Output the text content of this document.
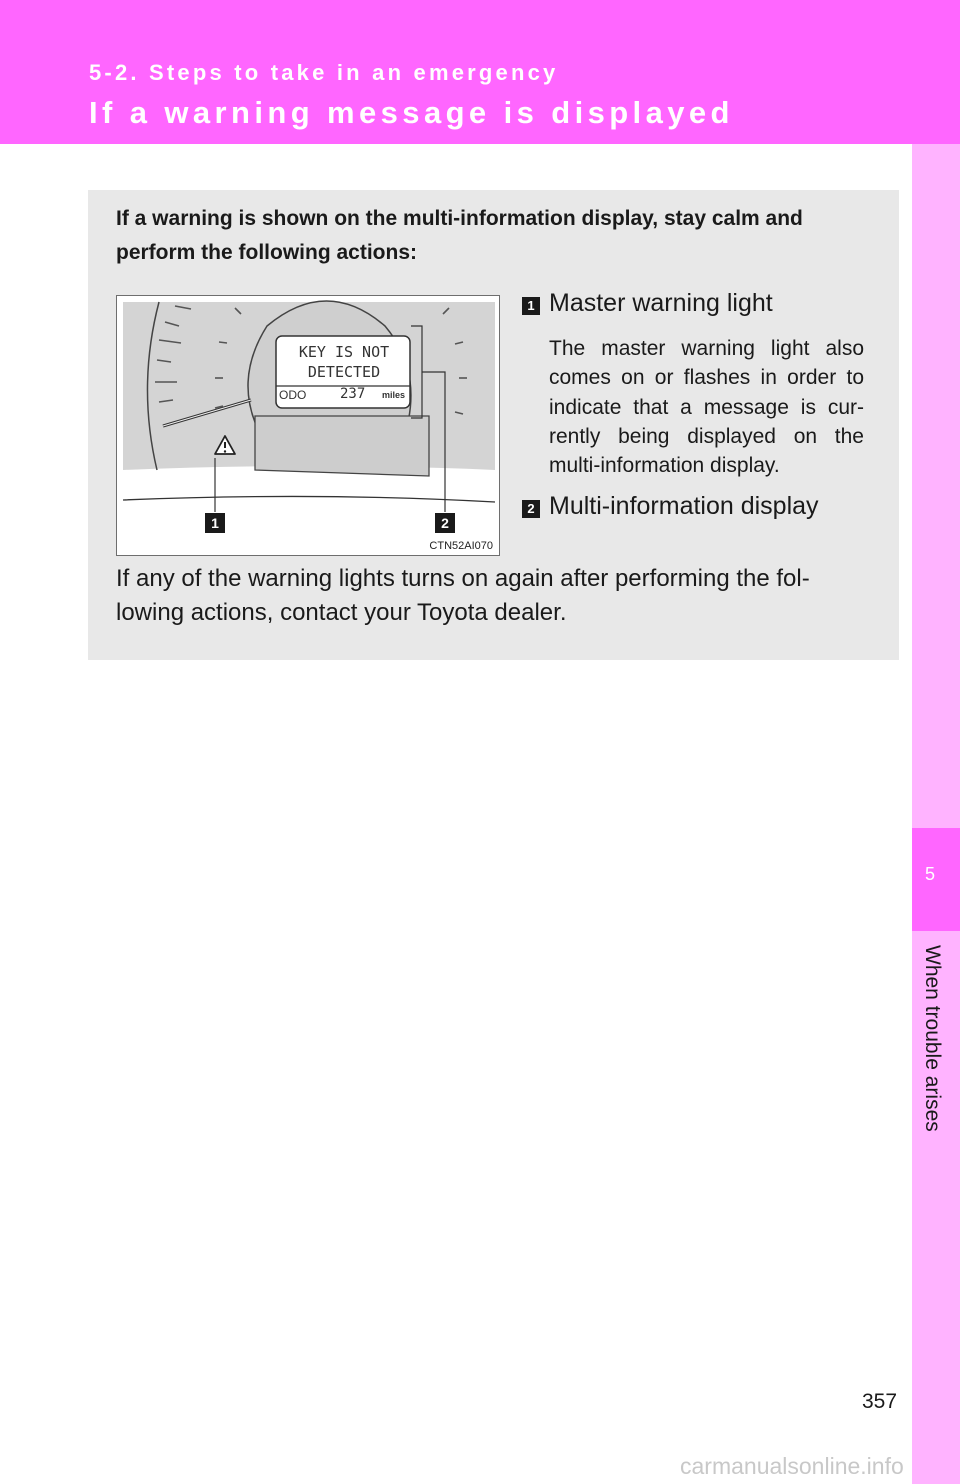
5-2. Steps to take in an emergency
If a warning message is displayed
5
When trouble arises

If a warning is shown on the multi-information display, stay calm and perform the following actions:

KEY IS NOT
DETECTED
ODO 237 miles
1	2
CTN52AI070
1 Master warning light

The master warning light also comes on or flashes in order to indicate that a message is cur-rently being displayed on the multi-information display.

2 Multi-information display

If any of the warning lights turns on again after performing the fol-lowing actions, contact your Toyota dealer.

357
carmanualsonline.info
